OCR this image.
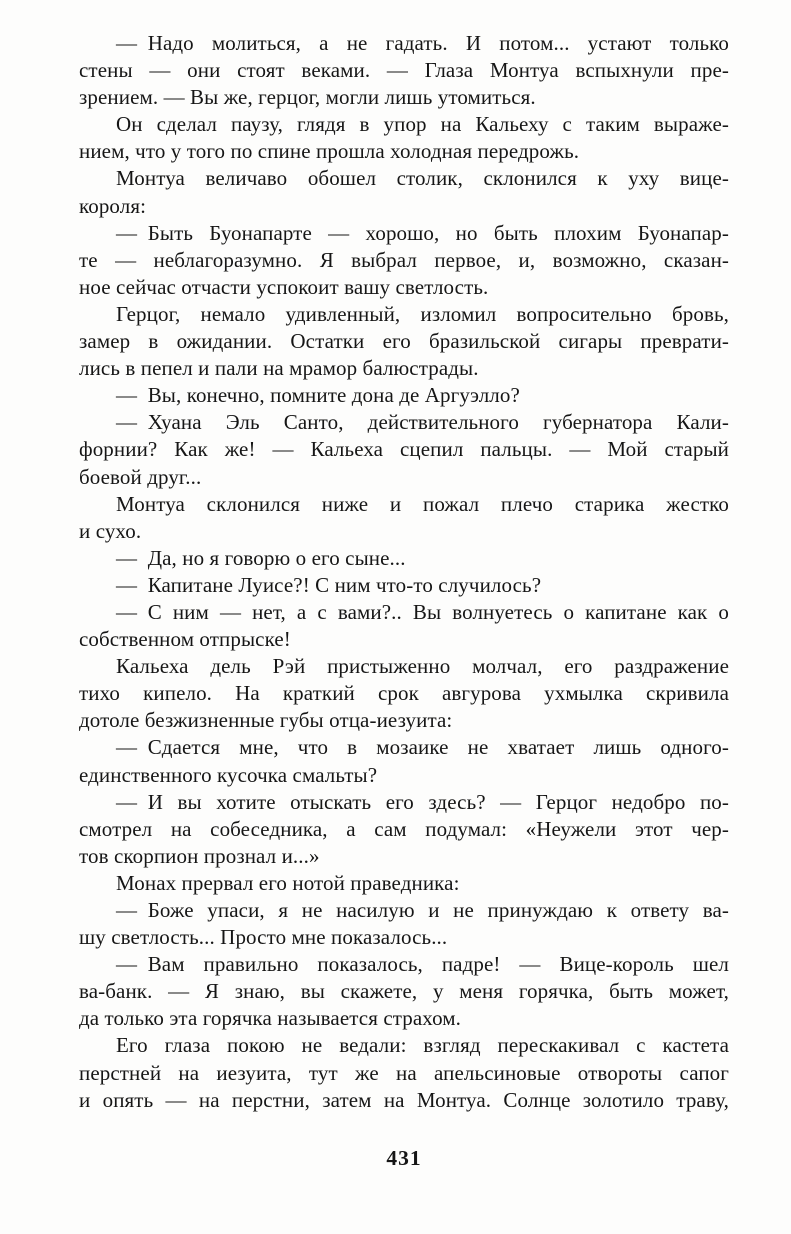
— Надо молиться, а не гадать. И потом... устают только
стены — они стоят веками. — Глаза Монтуа вспыхнули пре-
зрением. — Вы же, герцог, могли лишь утомиться.
Он сделал паузу, глядя в упор на Кальеху с таким выраже-
нием, что у того по спине прошла холодная передрожь.
Монтуа величаво обошел столик, склонился к уху вице-
короля:
— Быть Буонапарте — хорошо, но быть плохим Буонапар-
те — неблагоразумно. Я выбрал первое, и, возможно, сказан-
ное сейчас отчасти успокоит вашу светлость.
Герцог, немало удивленный, изломил вопросительно бровь,
замер в ожидании. Остатки его бразильской сигары преврати-
лись в пепел и пали на мрамор балюстрады.
— Вы, конечно, помните дона де Аргуэлло?
— Хуана Эль Санто, действительного губернатора Кали-
форнии? Как же! — Кальеха сцепил пальцы. — Мой старый
боевой друг...
Монтуа склонился ниже и пожал плечо старика жестко
и сухо.
— Да, но я говорю о его сыне...
— Капитане Луисе?! С ним что-то случилось?
— С ним — нет, а с вами?.. Вы волнуетесь о капитане как о
собственном отпрыске!
Кальеха дель Рэй пристыженно молчал, его раздражение
тихо кипело. На краткий срок авгурова ухмылка скривила
дотоле безжизненные губы отца-иезуита:
— Сдается мне, что в мозаике не хватает лишь одного-
единственного кусочка смальты?
— И вы хотите отыскать его здесь? — Герцог недобро по-
смотрел на собеседника, а сам подумал: «Неужели этот чер-
тов скорпион прознал и...»
Монах прервал его нотой праведника:
— Боже упаси, я не насилую и не принуждаю к ответу ва-
шу светлость... Просто мне показалось...
— Вам правильно показалось, падре! — Вице-король шел
ва-банк. — Я знаю, вы скажете, у меня горячка, быть может,
да только эта горячка называется страхом.
Его глаза покою не ведали: взгляд перескакивал с кастета
перстней на иезуита, тут же на апельсиновые отвороты сапог
и опять — на перстни, затем на Монтуа. Солнце золотило траву,
431
